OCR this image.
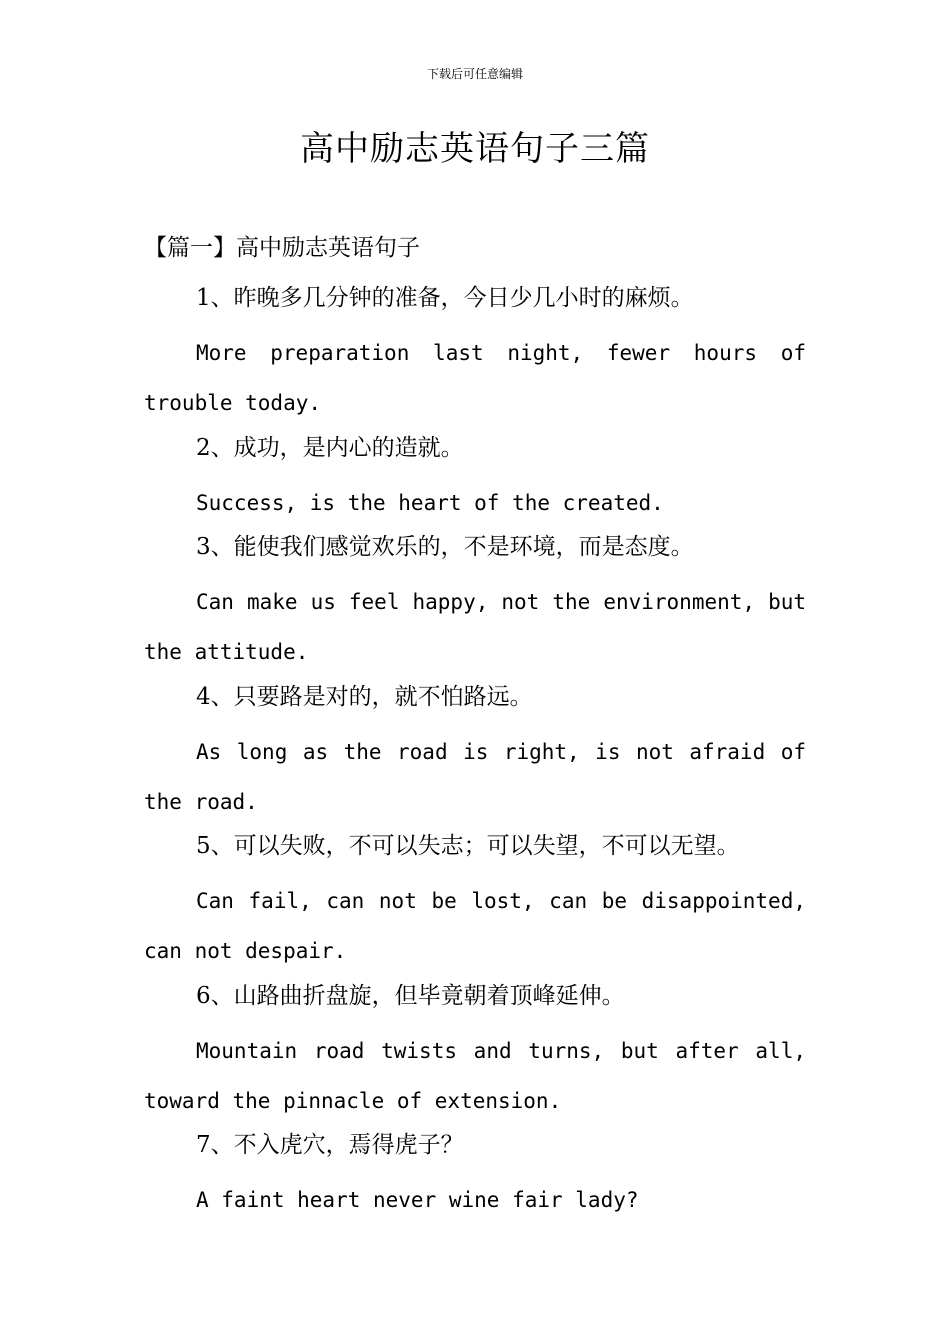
下载后可任意编辑
高中励志英语句子三篇
【篇一】高中励志英语句子
1、昨晚多几分钟的准备，今日少几小时的麻烦。
More preparation last night, fewer hours of trouble today.
2、成功，是内心的造就。
Success, is the heart of the created.
3、能使我们感觉欢乐的，不是环境，而是态度。
Can make us feel happy, not the environment, but the attitude.
4、只要路是对的，就不怕路远。
As long as the road is right, is not afraid of the road.
5、可以失败，不可以失志；可以失望，不可以无望。
Can fail, can not be lost, can be disappointed, can not despair.
6、山路曲折盘旋，但毕竟朝着顶峰延伸。
Mountain road twists and turns, but after all, toward the pinnacle of extension.
7、不入虎穴，焉得虎子？
A faint heart never wine fair lady?
